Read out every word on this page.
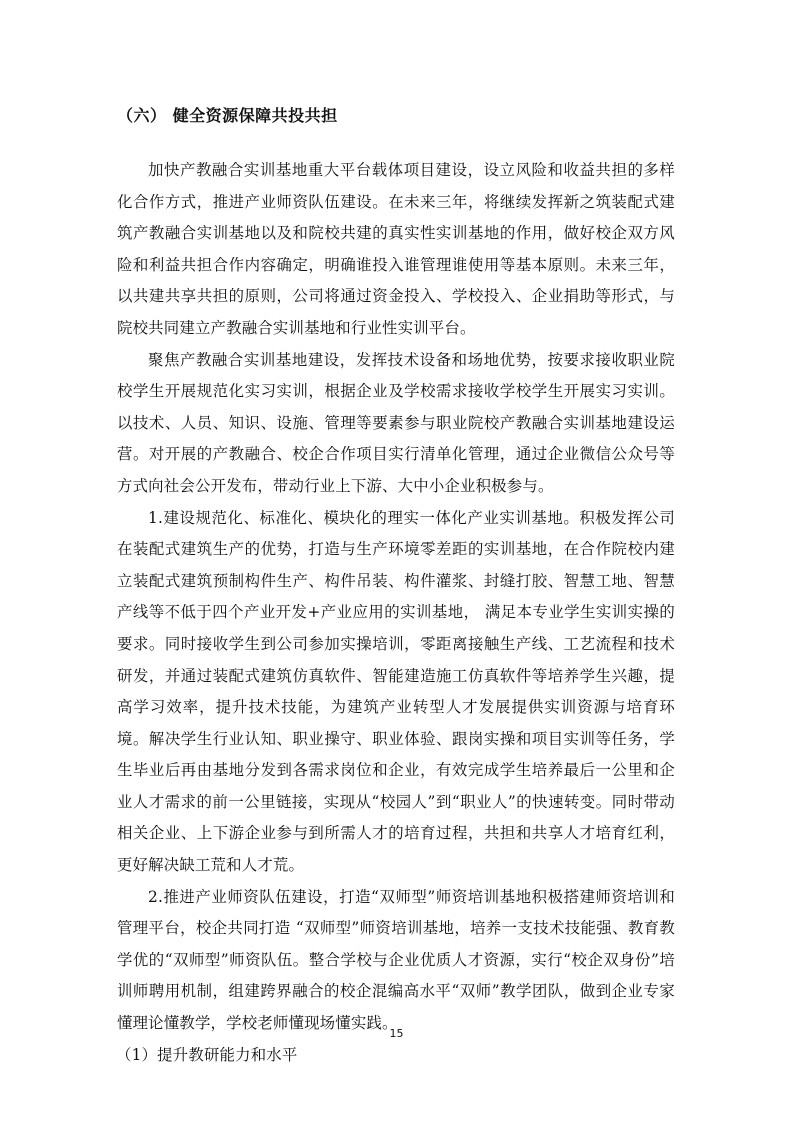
（六） 健全资源保障共投共担

加快产教融合实训基地重大平台载体项目建设，设立风险和收益共担的多样化合作方式，推进产业师资队伍建设。在未来三年，将继续发挥新之筑装配式建筑产教融合实训基地以及和院校共建的真实性实训基地的作用，做好校企双方风险和利益共担合作内容确定，明确谁投入谁管理谁使用等基本原则。未来三年，以共建共享共担的原则，公司将通过资金投入、学校投入、企业捐助等形式，与院校共同建立产教融合实训基地和行业性实训平台。

聚焦产教融合实训基地建设，发挥技术设备和场地优势，按要求接收职业院校学生开展规范化实习实训，根据企业及学校需求接收学校学生开展实习实训。以技术、人员、知识、设施、管理等要素参与职业院校产教融合实训基地建设运营。对开展的产教融合、校企合作项目实行清单化管理，通过企业微信公众号等方式向社会公开发布，带动行业上下游、大中小企业积极参与。

1.建设规范化、标准化、模块化的理实一体化产业实训基地。积极发挥公司在装配式建筑生产的优势，打造与生产环境零差距的实训基地，在合作院校内建立装配式建筑预制构件生产、构件吊装、构件灌浆、封缝打胶、智慧工地、智慧产线等不低于四个产业开发+产业应用的实训基地， 满足本专业学生实训实操的要求。同时接收学生到公司参加实操培训，零距离接触生产线、工艺流程和技术研发，并通过装配式建筑仿真软件、智能建造施工仿真软件等培养学生兴趣，提高学习效率，提升技术技能，为建筑产业转型人才发展提供实训资源与培育环境。解决学生行业认知、职业操守、职业体验、跟岗实操和项目实训等任务，学生毕业后再由基地分发到各需求岗位和企业，有效完成学生培养最后一公里和企业人才需求的前一公里链接，实现从“校园人”到“职业人”的快速转变。同时带动相关企业、上下游企业参与到所需人才的培育过程，共担和共享人才培育红利，更好解决缺工荒和人才荒。

2.推进产业师资队伍建设，打造“双师型”师资培训基地积极搭建师资培训和管理平台，校企共同打造 “双师型”师资培训基地，培养一支技术技能强、教育教学优的“双师型”师资队伍。整合学校与企业优质人才资源，实行“校企双身份”培训师聘用机制，组建跨界融合的校企混编高水平“双师”教学团队，做到企业专家懂理论懂教学，学校老师懂现场懂实践。

（1）提升教研能力和水平

15
